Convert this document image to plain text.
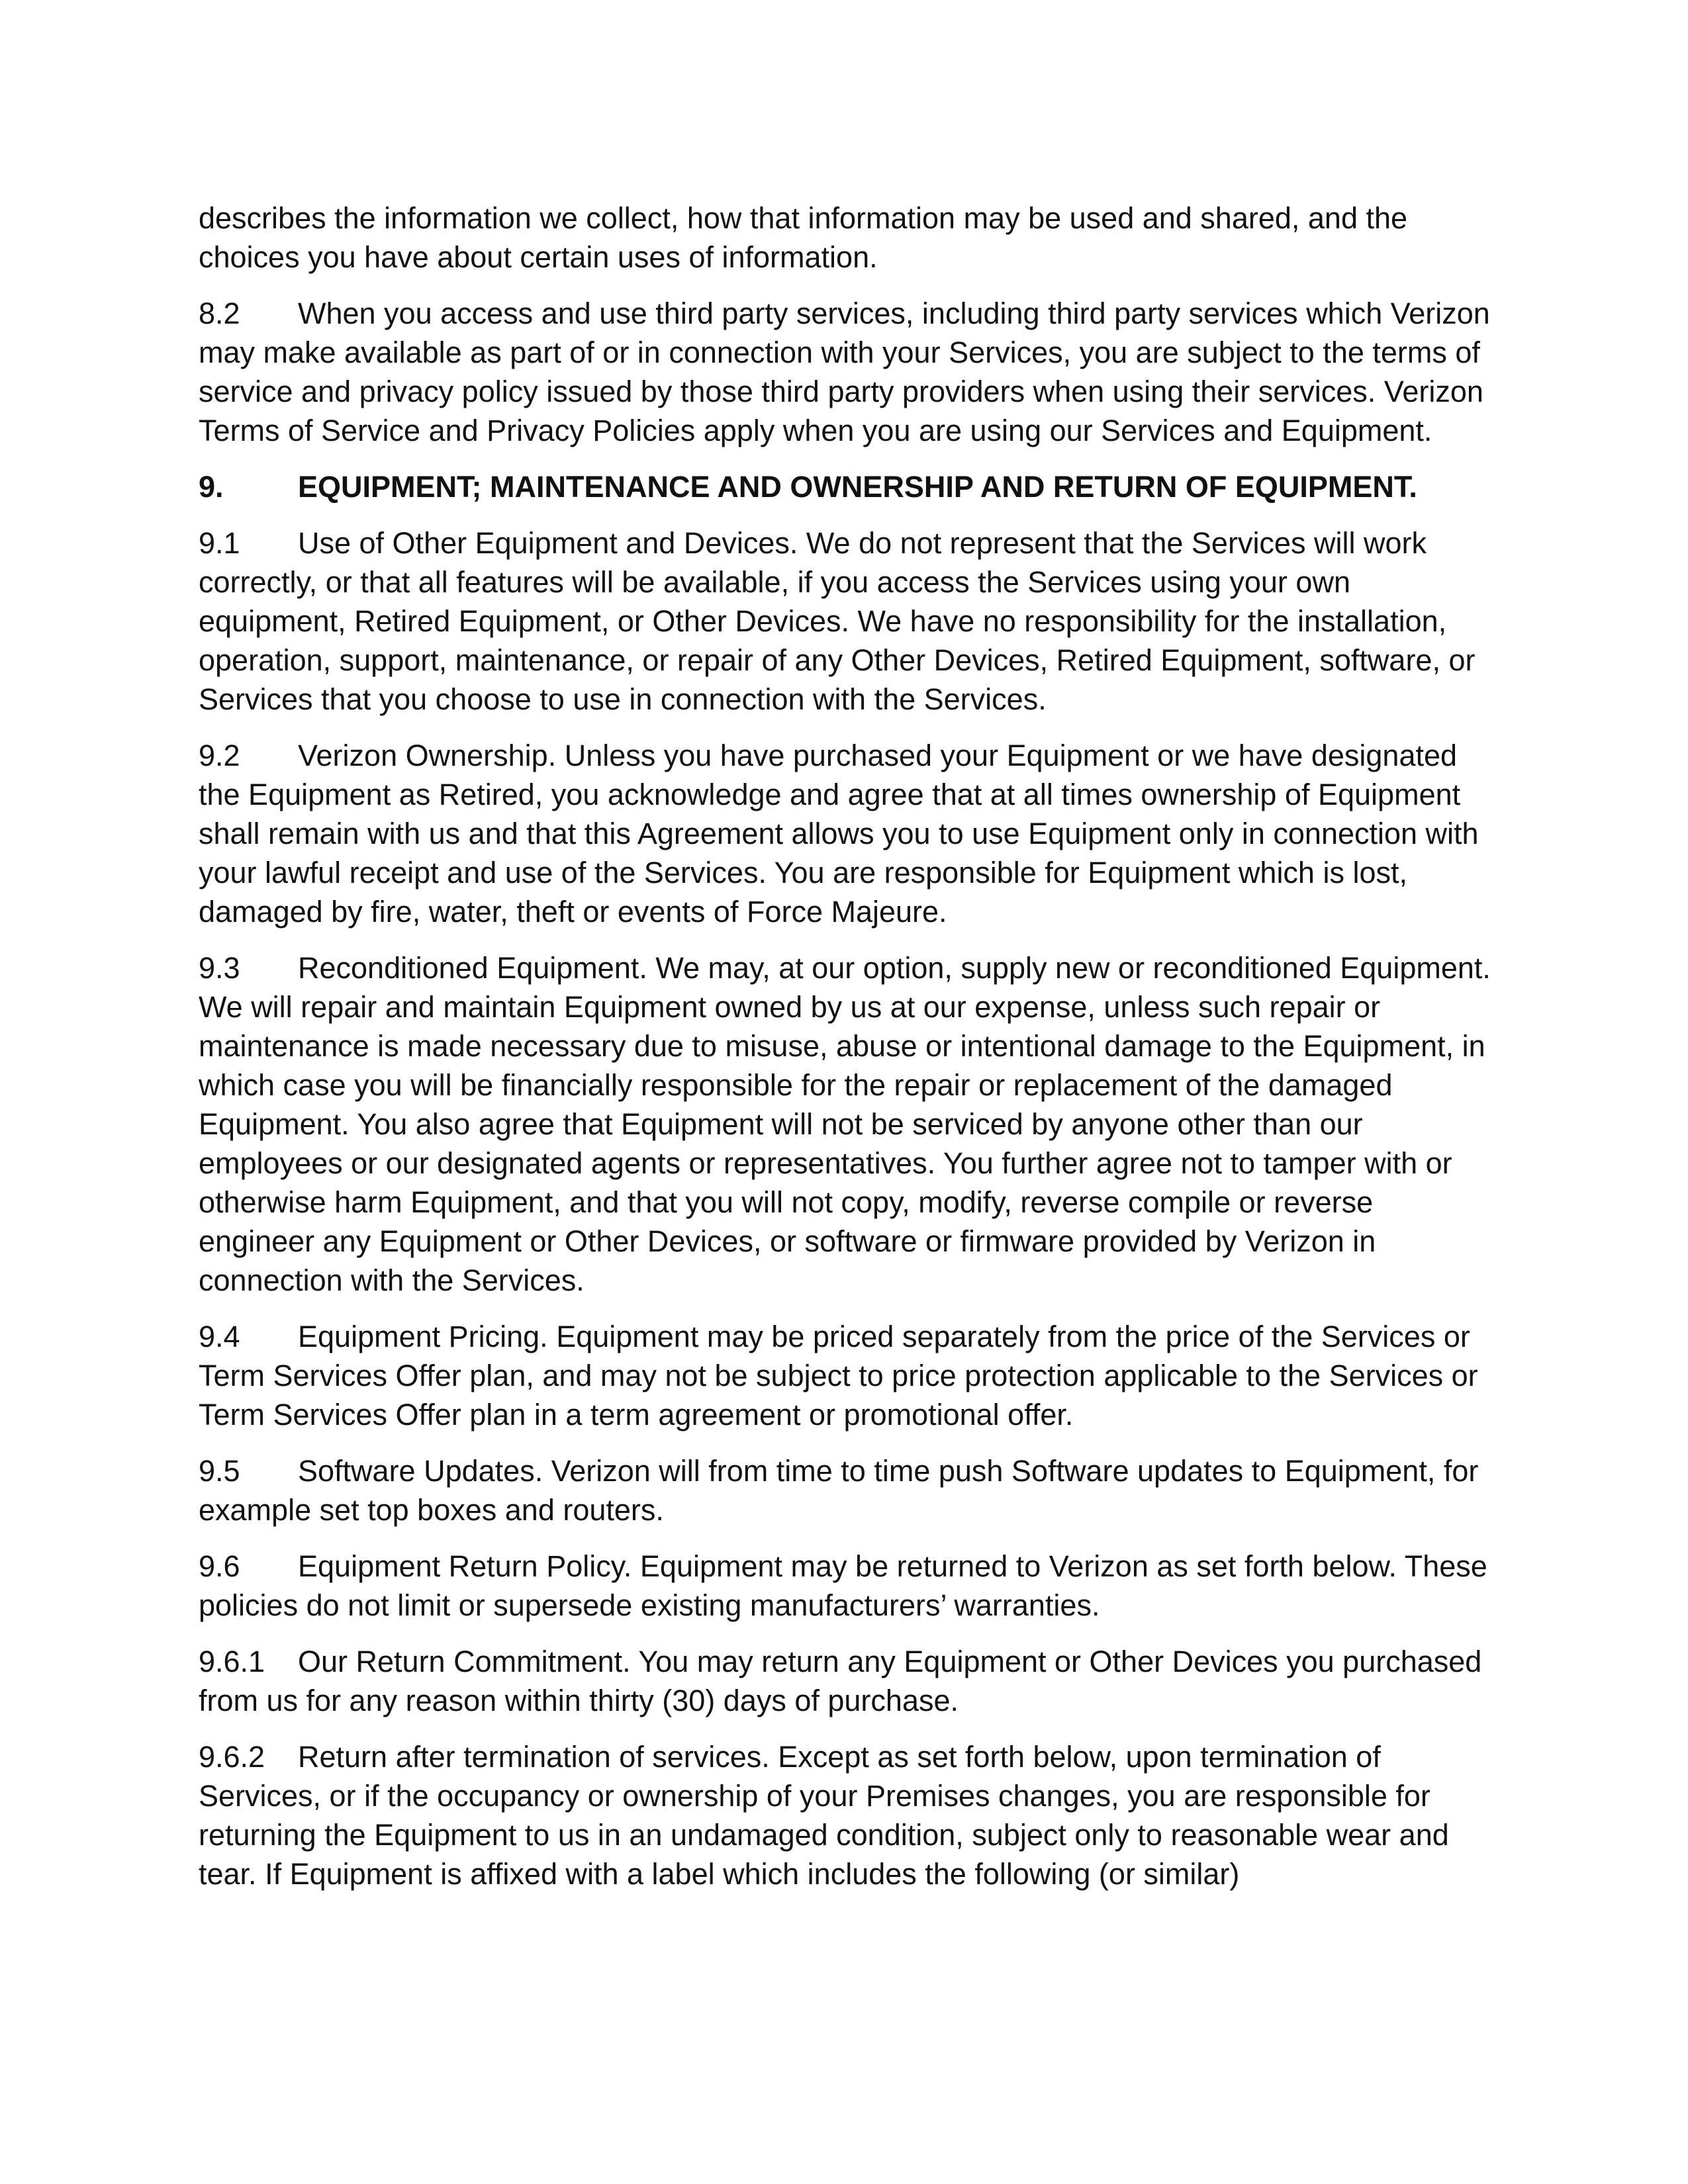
describes the information we collect, how that information may be used and shared, and the choices you have about certain uses of information.

8.2 When you access and use third party services, including third party services which Verizon may make available as part of or in connection with your Services, you are subject to the terms of service and privacy policy issued by those third party providers when using their services. Verizon Terms of Service and Privacy Policies apply when you are using our Services and Equipment.

9. EQUIPMENT; MAINTENANCE AND OWNERSHIP AND RETURN OF EQUIPMENT.

9.1 Use of Other Equipment and Devices. We do not represent that the Services will work correctly, or that all features will be available, if you access the Services using your own equipment, Retired Equipment, or Other Devices. We have no responsibility for the installation, operation, support, maintenance, or repair of any Other Devices, Retired Equipment, software, or Services that you choose to use in connection with the Services.

9.2 Verizon Ownership. Unless you have purchased your Equipment or we have designated the Equipment as Retired, you acknowledge and agree that at all times ownership of Equipment shall remain with us and that this Agreement allows you to use Equipment only in connection with your lawful receipt and use of the Services. You are responsible for Equipment which is lost, damaged by fire, water, theft or events of Force Majeure.

9.3 Reconditioned Equipment. We may, at our option, supply new or reconditioned Equipment. We will repair and maintain Equipment owned by us at our expense, unless such repair or maintenance is made necessary due to misuse, abuse or intentional damage to the Equipment, in which case you will be financially responsible for the repair or replacement of the damaged Equipment. You also agree that Equipment will not be serviced by anyone other than our employees or our designated agents or representatives. You further agree not to tamper with or otherwise harm Equipment, and that you will not copy, modify, reverse compile or reverse engineer any Equipment or Other Devices, or software or firmware provided by Verizon in connection with the Services.

9.4 Equipment Pricing. Equipment may be priced separately from the price of the Services or Term Services Offer plan, and may not be subject to price protection applicable to the Services or Term Services Offer plan in a term agreement or promotional offer.

9.5 Software Updates. Verizon will from time to time push Software updates to Equipment, for example set top boxes and routers.

9.6 Equipment Return Policy. Equipment may be returned to Verizon as set forth below. These policies do not limit or supersede existing manufacturers’ warranties.

9.6.1 Our Return Commitment. You may return any Equipment or Other Devices you purchased from us for any reason within thirty (30) days of purchase.

9.6.2 Return after termination of services. Except as set forth below, upon termination of Services, or if the occupancy or ownership of your Premises changes, you are responsible for returning the Equipment to us in an undamaged condition, subject only to reasonable wear and tear. If Equipment is affixed with a label which includes the following (or similar)
